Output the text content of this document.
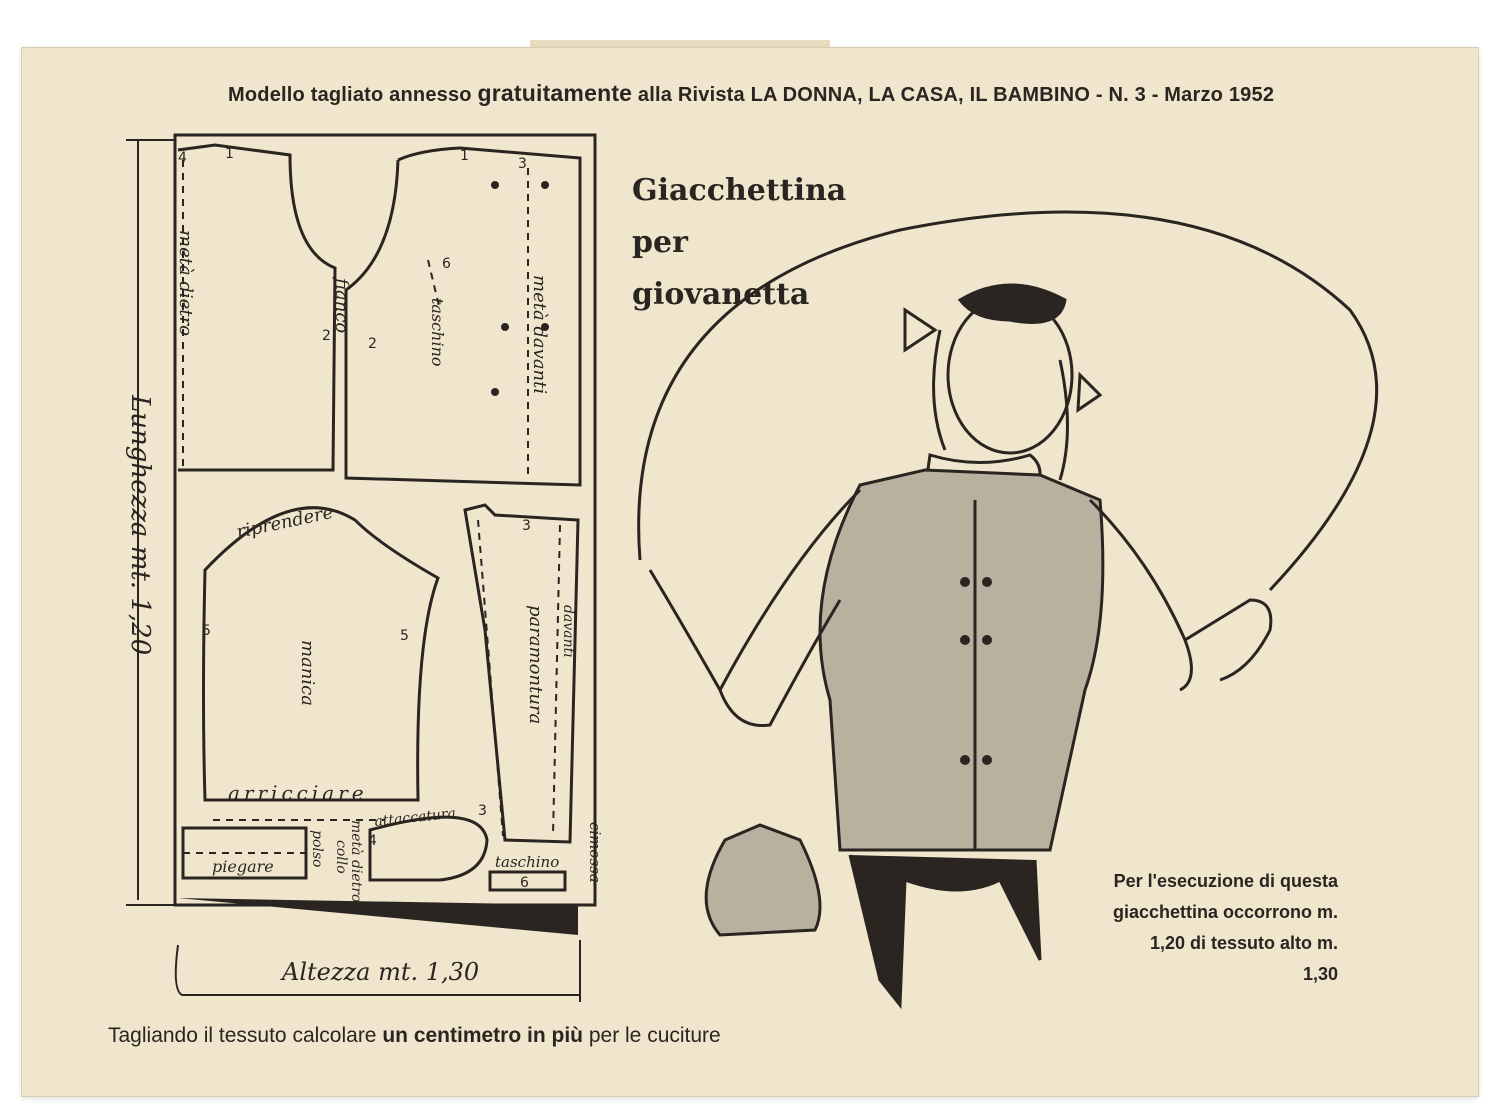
Modello tagliato annesso gratuitamente alla Rivista LA DONNA, LA CASA, IL BAMBINO - N. 3 - Marzo 1952
metà dietro	fianco	taschino	metà davanti
riprendere
manica	paramontura davanti
arricciare
attaccatura
metà dietro
collo
polso
piegare	taschino cimossa
Lunghezza mt. 1,20
Altezza mt. 1,30
1	1
2	2
3
3
3
4
4
5	5
6
6
Giacchettina
per
giovanetta
Per l'esecuzione di questa giacchettina occorrono m. 1,20 di tessuto alto m. 1,30
Tagliando il tessuto calcolare un centimetro in più per le cuciture
